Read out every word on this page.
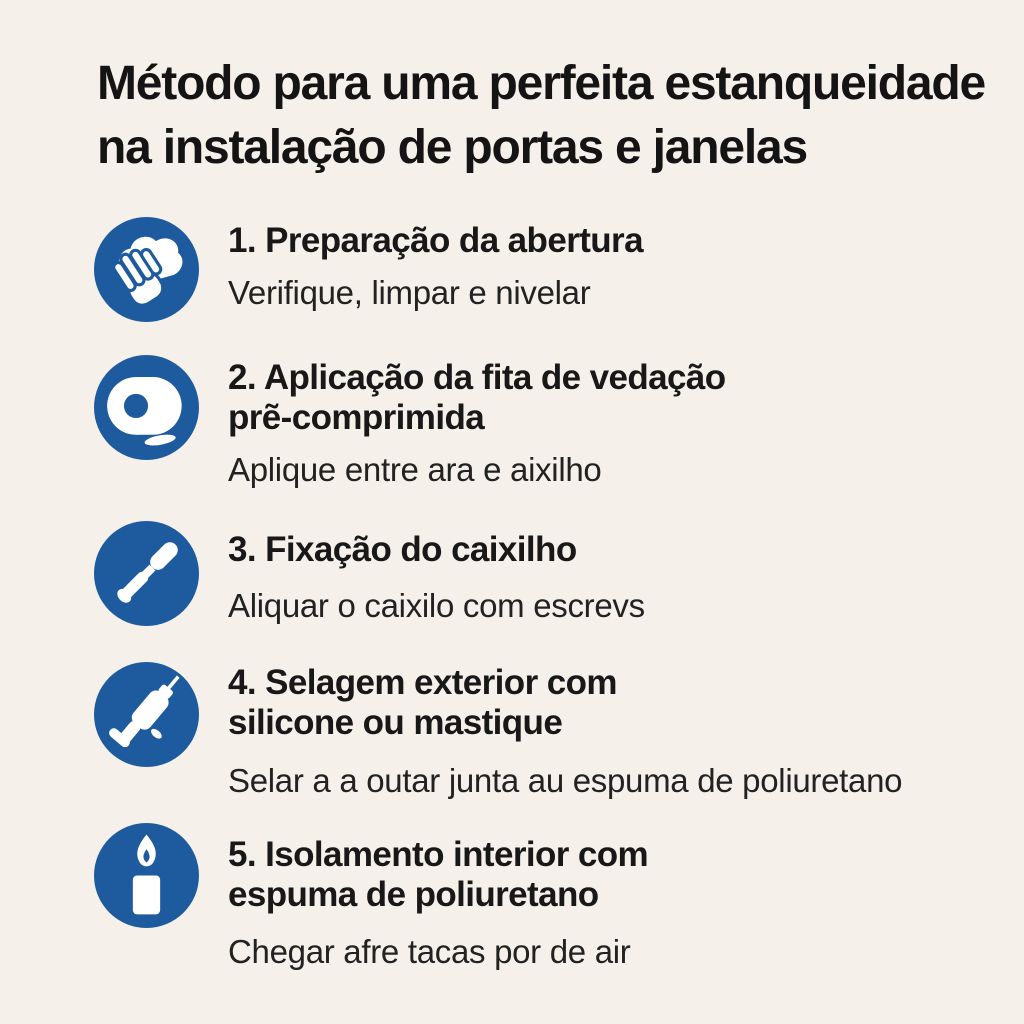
Método para uma perfeita estanqueidade
na instalação de portas e janelas
1. Preparação da abertura
Verifique, limpar e nivelar
2. Aplicação da fita de vedação
prẽ-comprimida
Aplique entre ara e aixilho
3. Fixação do caixilho
Aliquar o caixilo com escrevs
4. Selagem exterior com
silicone ou mastique
Selar a a outar junta au espuma de poliuretano
5. Isolamento interior com
espuma de poliuretano
Chegar afre tacas por de air
